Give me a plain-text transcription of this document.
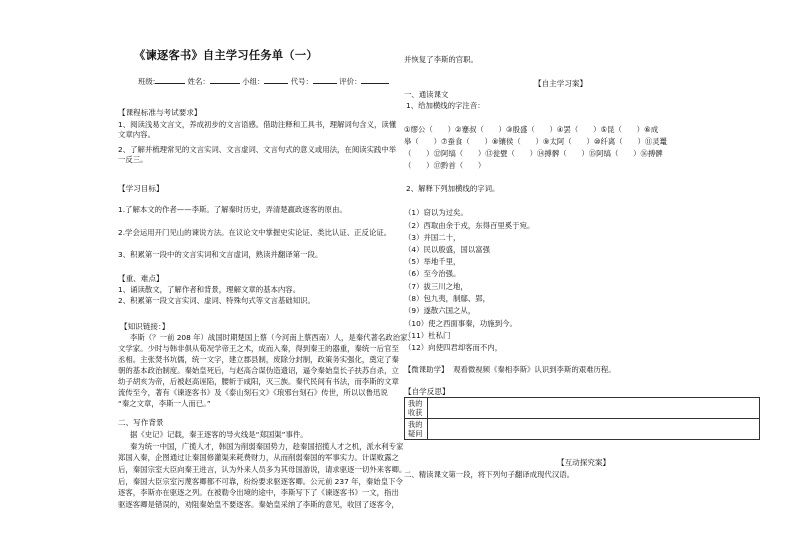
《谏逐客书》自主学习任务单（一）
班级:	姓名：	小组：	代号：	评价：
【课程标准与考试要求】
1、阅读浅易文言文，养成初步的文言语感。借助注释和工具书，理解词句含义，读懂
文章内容。
2、了解并梳理常见的文言实词、文言虚词、文言句式的意义或用法，在阅读实践中举
一反三。
【学习目标】
1.了解本文的作者——李斯。了解秦时历史，弄清楚嬴政逐客的原由。
2.学会运用开门见山的谏说方法。在议论文中掌握史实论证、类比认证、正反论证。
3、积累第一段中的文言实词和文言虚词，熟读并翻译第一段。
【重、难点】
1、诵读散文，了解作者和背景，理解文章的基本内容。
2、积累第一段文言实词、虚词、特殊句式等文言基础知识。
【知识链接：】
李斯（？一前 208 年）战国时期楚国上蔡（今河南上蔡西南）人，是秦代著名政治家、
文学家。少时与韩非俱从荀况学帝王之术，成而入秦，得到秦王的器重，秦统一后官至
丞相。主张焚书坑儒，统一文字，建立郡县制，废除分封制，政策务实强化，奠定了秦
朝的基本政治制度。秦始皇死后，与赵高合谋伪造遗诏，逼令秦始皇长子扶苏自杀，立
幼子胡亥为帝，后被赵高诬陷，腰斩于咸阳，灭三族。秦代民间有书法，而李斯的文章
流传至今，著有《谏逐客书》及《泰山刻石文》《琅邪台刻石》传世，所以以鲁迅说
“秦之文章，李斯一人而已。”
二、写作背景
据《史记》记载，秦王逐客的导火线是“郑国渠”事件。
秦为统一中国，广揽人才，韩国为削弱秦国势力，趁秦国招揽人才之机，派水利专家
郑国入秦，企图通过让秦国修灌渠来耗费财力，从而削弱秦国的军事实力。计谋败露之
后，秦国宗室大臣向秦王进言，认为外来人员多为其母国游说，请求驱逐一切外来客卿。
后，秦国大臣宗室污蔑客卿都不可靠，纷纷要求驱逐客卿。公元前 237 年，秦始皇下令
逐客，李斯亦在驱逐之列。在被勒令出境的途中，李斯写下了《谏逐客书》一文，指出
驱逐客卿是错误的，劝阻秦始皇不要逐客。秦始皇采纳了李斯的意见，收回了逐客令，
并恢复了李斯的官职。
【自主学习案】
一、通读课文
1、给加横线的字注音：
①缪公（　　）②蹇叔（　　）③殷盛（　　）④罢（　　）⑤昆（　　）⑥成
皋（　　）⑦蚕食（　　）⑧镶侯（　　）⑨太阿（　　）⑩纤离（　　）⑪灵鼍
（　　）⑫阿缟（　　）⑬瓮甓（　　）⑭搏髀（　　）⑮阿缟（　　）⑯搏髀
（　　）⑰黔首（　　）
2、解释下列加横线的字词。
（1）窃以为过矣。
（2）西取由余于戎，东得百里奚于宛。
（3）并国二十，
（4）民以殷盛，国以富强
（5）举地千里，
（6）至今治强。
（7）拔三川之地，
（8）包九夷，制鄢、郢，
（9）遂散六国之从，
（10）使之西面事秦，功施到今。
（11）杜私门
（12）向使四君却客而不内，
【微课助学】 观看微视频《秦相李斯》认识到李斯的艰难历程。
【自学反思】
我的
收获	

我的
疑问	

【互动探究案】
二、精读课文第一段，将下列句子翻译成现代汉语。
